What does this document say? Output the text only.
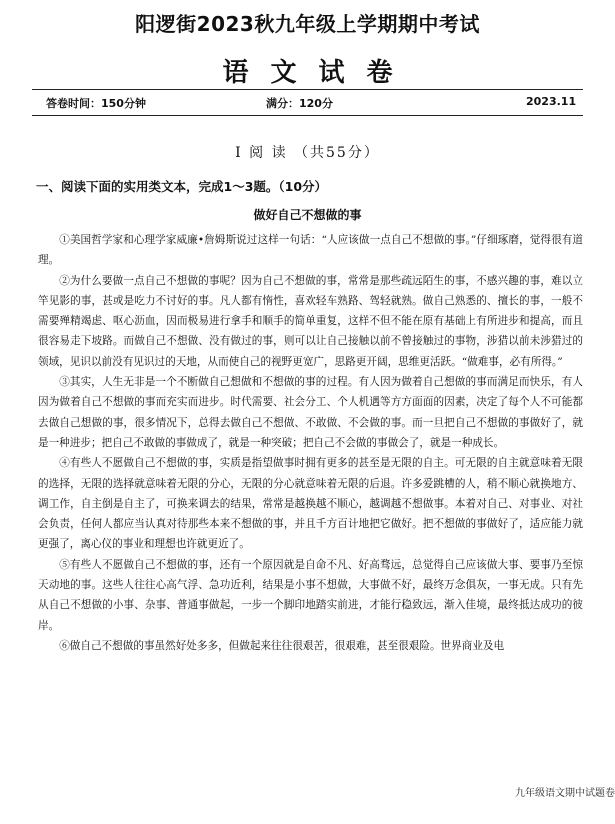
阳逻街2023秋九年级上学期期中考试
语文试卷
答卷时间：150分钟	满分：120分	2023.11
Ⅰ 阅 读 （共55分）
一、阅读下面的实用类文本，完成1～3题。（10分）
做好自己不想做的事

①美国哲学家和心理学家威廉•詹姆斯说过这样一句话：“人应该做一点自己不想做的事。”仔细琢磨，觉得很有道理。

②为什么要做一点自己不想做的事呢？因为自己不想做的事，常常是那些疏远陌生的事，不感兴趣的事，难以立竿见影的事，甚或是吃力不讨好的事。凡人都有惰性，喜欢轻车熟路、驾轻就熟。做自己熟悉的、擅长的事，一般不需要殚精竭虑、呕心沥血，因而极易进行拿手和顺手的简单重复，这样不但不能在原有基础上有所进步和提高，而且很容易走下坡路。而做自己不想做、没有做过的事，则可以让自己接触以前不曾接触过的事物，涉猎以前未涉猎过的领域，见识以前没有见识过的天地，从而使自己的视野更宽广，思路更开阔，思维更活跃。“做难事，必有所得。”

③其实，人生无非是一个不断做自己想做和不想做的事的过程。有人因为做着自己想做的事而满足而快乐，有人因为做着自己不想做的事而充实而进步。时代需要、社会分工、个人机遇等方方面面的因素，决定了每个人不可能都去做自己想做的事，很多情况下，总得去做自己不想做、不敢做、不会做的事。而一旦把自己不想做的事做好了，就是一种进步；把自己不敢做的事做成了，就是一种突破；把自己不会做的事做会了，就是一种成长。

④有些人不愿做自己不想做的事，实质是指望做事时拥有更多的甚至是无限的自主。可无限的自主就意味着无限的选择，无限的选择就意味着无限的分心，无限的分心就意味着无限的后退。许多爱跳槽的人，稍不顺心就换地方、调工作，自主倒是自主了，可换来调去的结果，常常是越换越不顺心，越调越不想做事。本着对自己、对事业、对社会负责，任何人都应当认真对待那些本来不想做的事，并且千方百计地把它做好。把不想做的事做好了，适应能力就更强了，离心仪的事业和理想也许就更近了。

⑤有些人不愿做自己不想做的事，还有一个原因就是自命不凡、好高骛远，总觉得自己应该做大事、要事乃至惊天动地的事。这些人往往心高气浮、急功近利，结果是小事不想做，大事做不好，最终万念俱灰，一事无成。只有先从自己不想做的小事、杂事、普通事做起，一步一个脚印地踏实前进，才能行稳致远，渐入佳境，最终抵达成功的彼岸。

⑥做自己不想做的事虽然好处多多，但做起来往往很艰苦，很艰难，甚至很艰险。世界商业及电

九年级语文期中试题卷
